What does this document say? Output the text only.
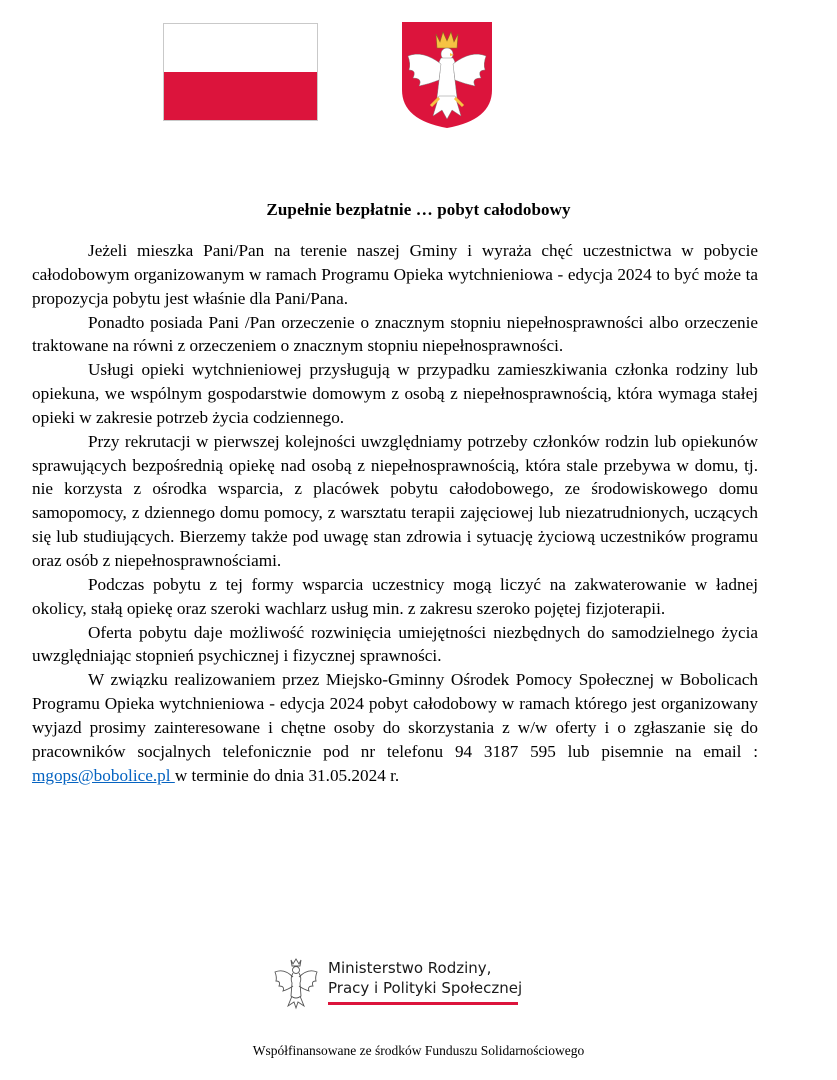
Zupełnie bezpłatnie … pobyt całodobowy

Jeżeli mieszka Pani/Pan na terenie naszej Gminy i wyraża chęć uczestnictwa w pobycie całodobowym organizowanym w ramach Programu Opieka wytchnieniowa - edycja 2024 to być może ta propozycja pobytu jest właśnie dla Pani/Pana.

Ponadto posiada Pani /Pan orzeczenie o znacznym stopniu niepełnosprawności albo orzeczenie traktowane na równi z orzeczeniem o znacznym stopniu niepełnosprawności.

Usługi opieki wytchnieniowej przysługują w przypadku zamieszkiwania członka rodziny lub opiekuna, we wspólnym gospodarstwie domowym z osobą z niepełnosprawnością, która wymaga stałej opieki w zakresie potrzeb życia codziennego.

Przy rekrutacji w pierwszej kolejności uwzględniamy potrzeby członków rodzin lub opiekunów sprawujących bezpośrednią opiekę nad osobą z niepełnosprawnością, która stale przebywa w domu, tj. nie korzysta z ośrodka wsparcia, z placówek pobytu całodobowego, ze środowiskowego domu samopomocy, z dziennego domu pomocy, z warsztatu terapii zajęciowej lub niezatrudnionych, uczących się lub studiujących. Bierzemy także pod uwagę stan zdrowia i sytuację życiową uczestników programu oraz osób z niepełnosprawnościami.

Podczas pobytu z tej formy wsparcia uczestnicy mogą liczyć na zakwaterowanie w ładnej okolicy, stałą opiekę oraz szeroki wachlarz usług min. z zakresu szeroko pojętej fizjoterapii.

Oferta pobytu daje możliwość rozwinięcia umiejętności niezbędnych do samodzielnego życia uwzględniając stopnień psychicznej i fizycznej sprawności.

W związku realizowaniem przez Miejsko-Gminny Ośrodek Pomocy Społecznej w Bobolicach Programu Opieka wytchnieniowa - edycja 2024 pobyt całodobowy w ramach którego jest organizowany wyjazd prosimy zainteresowane i chętne osoby do skorzystania z w/w oferty i o zgłaszanie się do pracowników socjalnych telefonicznie pod nr telefonu 94 3187 595 lub pisemnie na email : mgops@bobolice.pl w terminie do dnia 31.05.2024 r.

Ministerstwo Rodziny,
Pracy i Polityki Społecznej
Współfinansowane ze środków Funduszu Solidarnościowego
